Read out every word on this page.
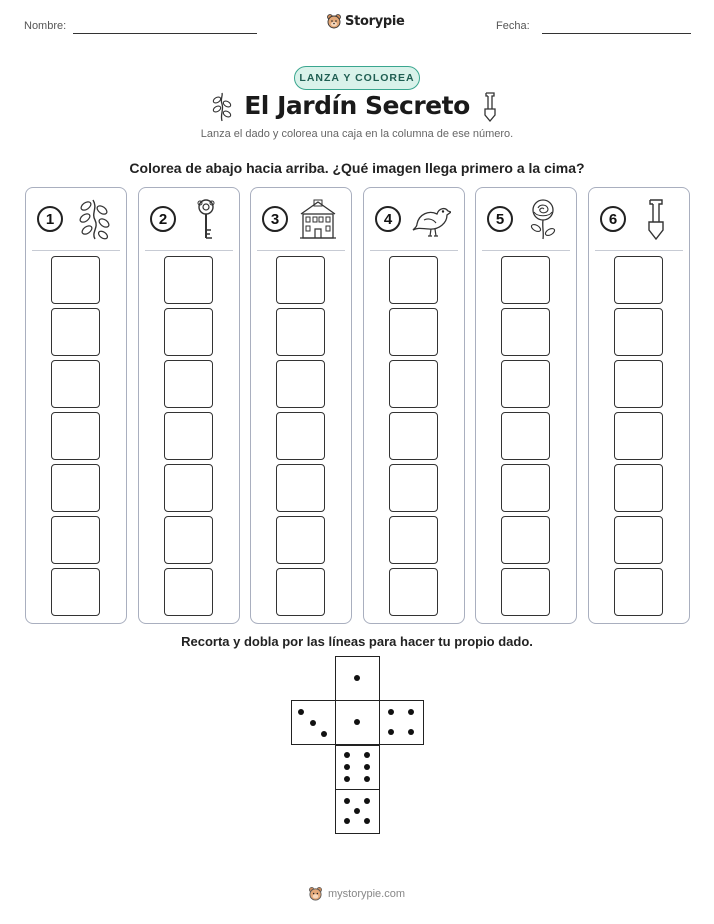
Nombre:	Storypie	Fecha:
LANZA Y COLOREA
El Jardín Secreto
Lanza el dado y colorea una caja en la columna de ese número.
Colorea de abajo hacia arriba. ¿Qué imagen llega primero a la cima?
1	2	3	4	5	6
Recorta y dobla por las líneas para hacer tu propio dado.
mystorypie.com
